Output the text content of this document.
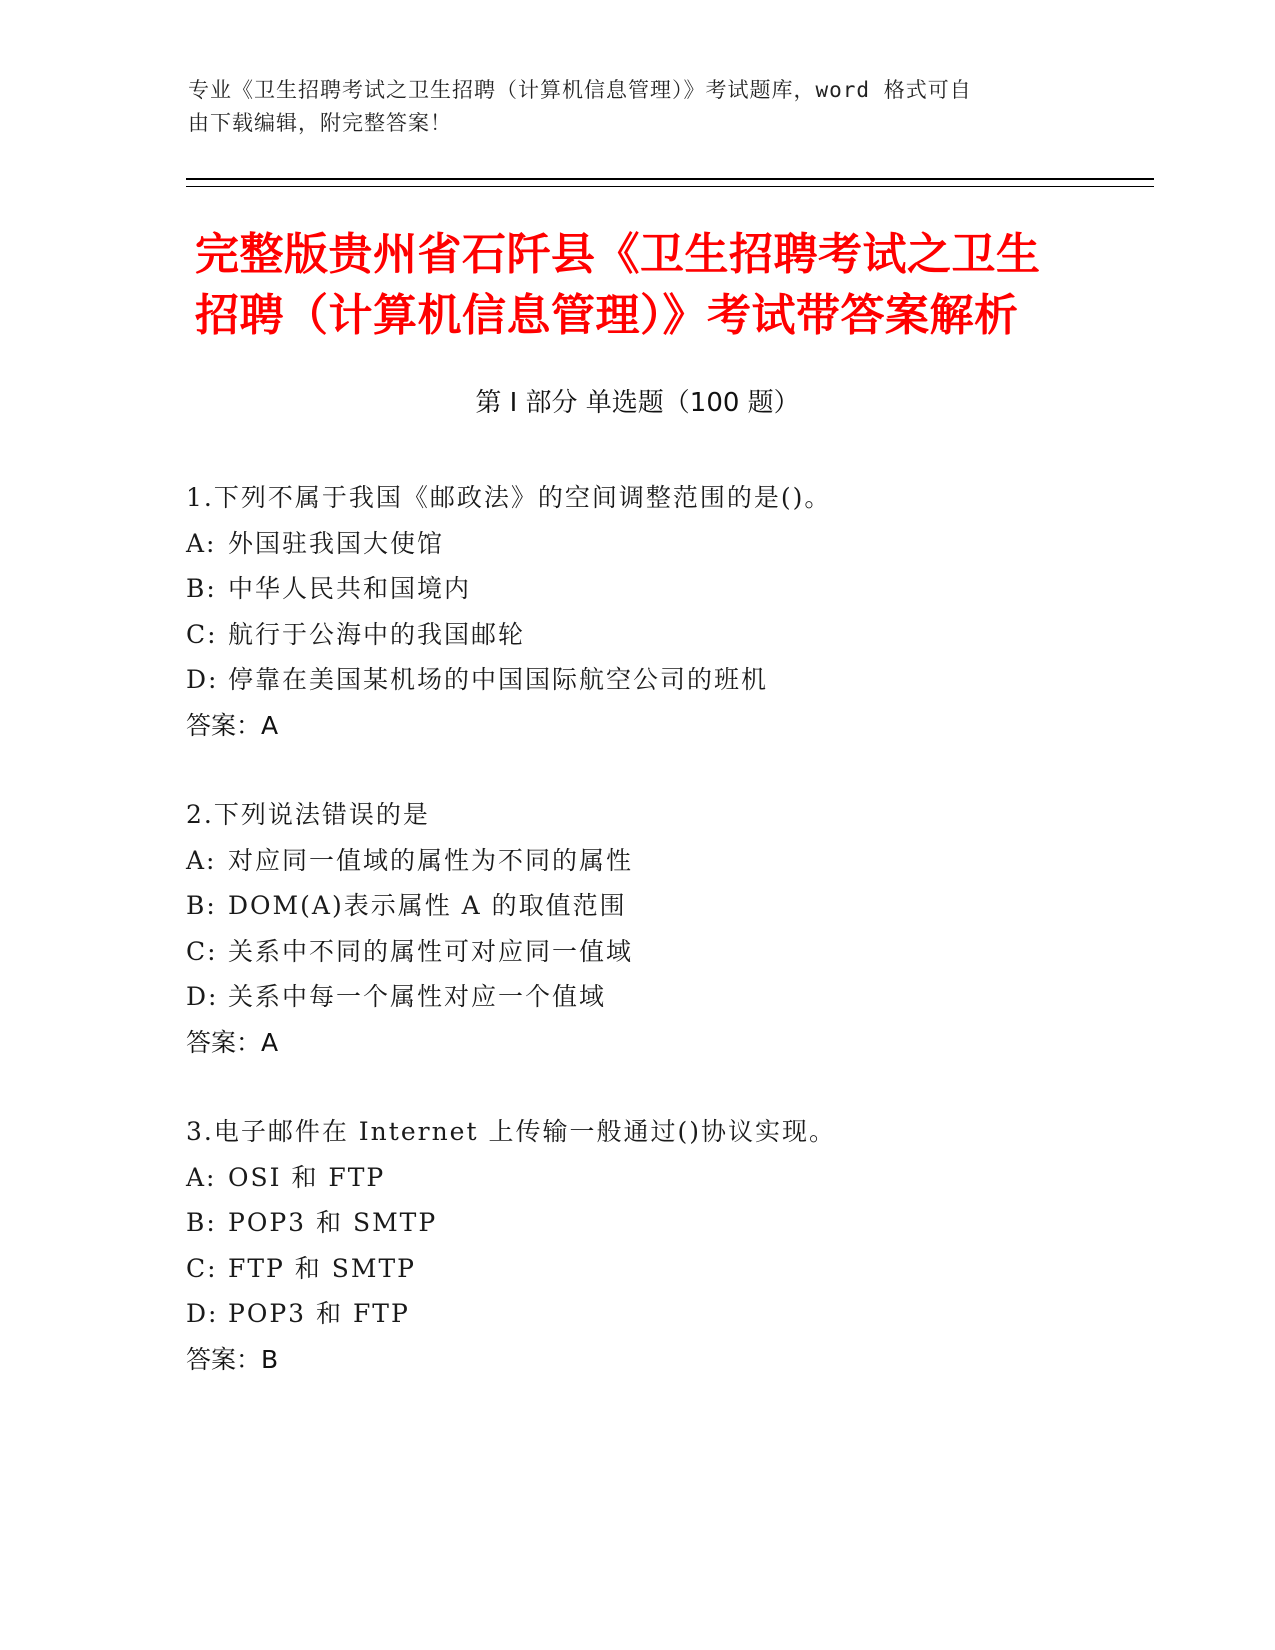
专业《卫生招聘考试之卫生招聘（计算机信息管理）》考试题库，word 格式可自
由下载编辑，附完整答案！
完整版贵州省石阡县《卫生招聘考试之卫生
招聘（计算机信息管理）》考试带答案解析
第 I 部分 单选题（100 题）
1.下列不属于我国《邮政法》的空间调整范围的是()。
A: 外国驻我国大使馆
B: 中华人民共和国境内
C: 航行于公海中的我国邮轮
D: 停靠在美国某机场的中国国际航空公司的班机
答案：A
2.下列说法错误的是
A: 对应同一值域的属性为不同的属性
B: DOM(A)表示属性 A 的取值范围
C: 关系中不同的属性可对应同一值域
D: 关系中每一个属性对应一个值域
答案：A
3.电子邮件在 Internet 上传输一般通过()协议实现。
A: OSI 和 FTP
B: POP3 和 SMTP
C: FTP 和 SMTP
D: POP3 和 FTP
答案：B
